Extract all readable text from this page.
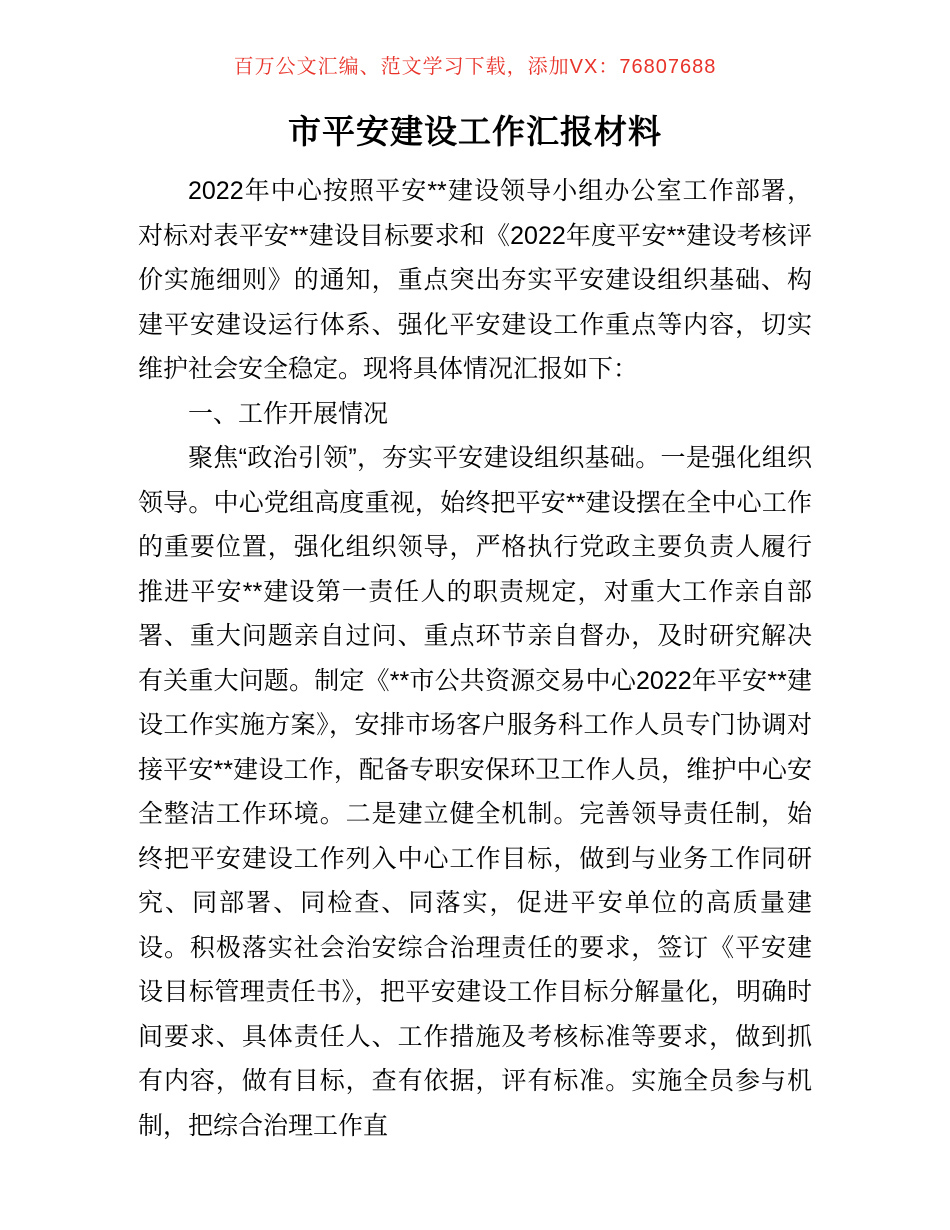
百万公文汇编、范文学习下载，添加VX：76807688
市平安建设工作汇报材料

2022年中心按照平安**建设领导小组办公室工作部署，对标对表平安**建设目标要求和《2022年度平安**建设考核评价实施细则》的通知，重点突出夯实平安建设组织基础、构建平安建设运行体系、强化平安建设工作重点等内容，切实维护社会安全稳定。现将具体情况汇报如下：

一、工作开展情况

聚焦“政治引领”，夯实平安建设组织基础。一是强化组织领导。中心党组高度重视，始终把平安**建设摆在全中心工作的重要位置，强化组织领导，严格执行党政主要负责人履行推进平安**建设第一责任人的职责规定，对重大工作亲自部署、重大问题亲自过问、重点环节亲自督办，及时研究解决有关重大问题。制定《**市公共资源交易中心2022年平安**建设工作实施方案》，安排市场客户服务科工作人员专门协调对接平安**建设工作，配备专职安保环卫工作人员，维护中心安全整洁工作环境。二是建立健全机制。完善领导责任制，始终把平安建设工作列入中心工作目标，做到与业务工作同研究、同部署、同检查、同落实，促进平安单位的高质量建设。积极落实社会治安综合治理责任的要求，签订《平安建设目标管理责任书》，把平安建设工作目标分解量化，明确时间要求、具体责任人、工作措施及考核标准等要求，做到抓有内容，做有目标，查有依据，评有标准。实施全员参与机制，把综合治理工作直
